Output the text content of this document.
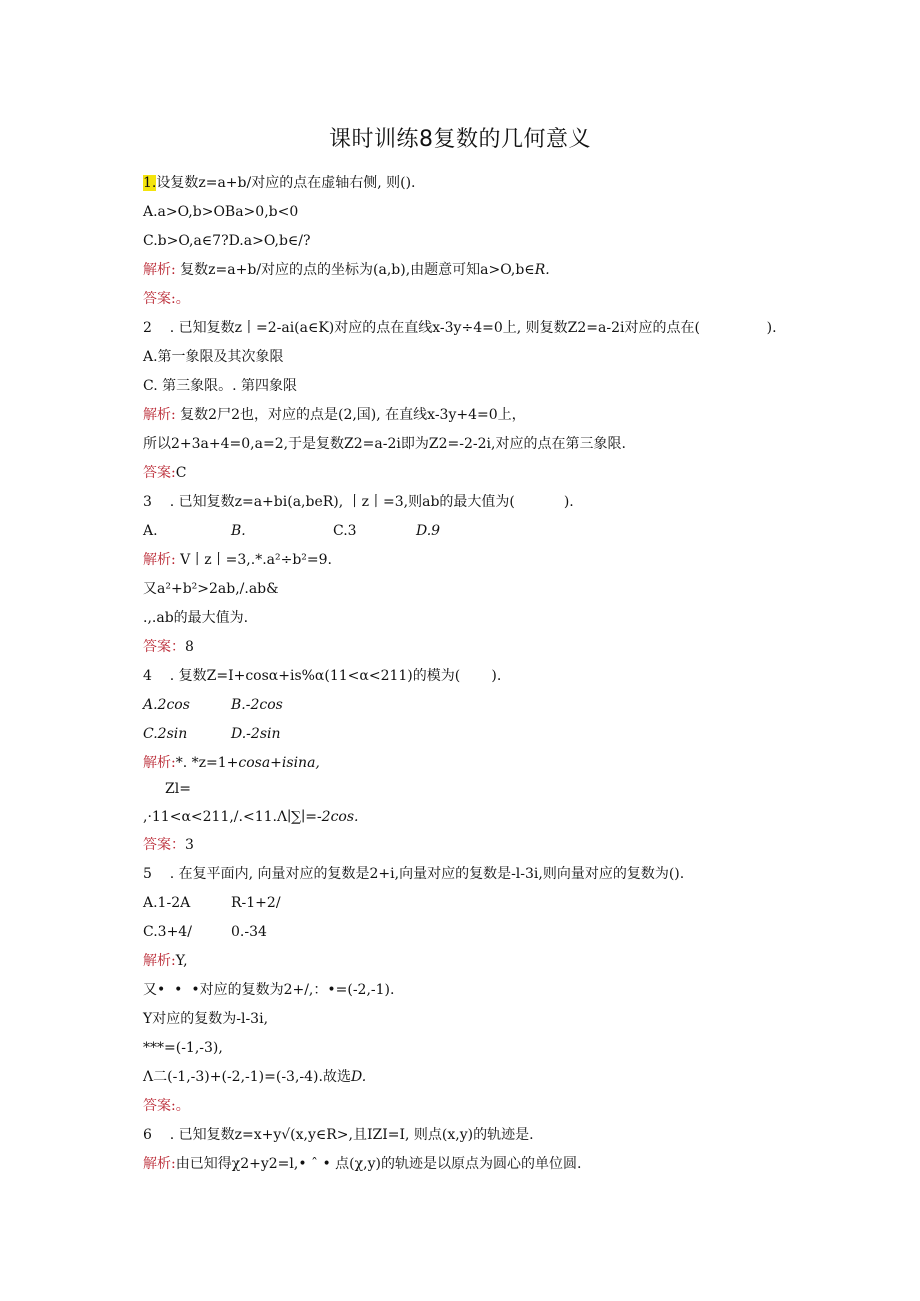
课时训练8复数的几何意义
1.设复数z=a+b/对应的点在虚轴右侧, 则().
A.a>O,b>OBa>0,b<0
C.b>O,a∈7?D.a>O,b∈/?
解析: 复数z=a+b/对应的点的坐标为(a,b),由题意可知a>O,b∈R.
答案:。
2    . 已知复数z丨=2-ai(a∈K)对应的点在直线x-3y÷4=0上, 则复数Z2=a-2i对应的点在(               ).
A.第一象限及其次象限
C. 第三象限。. 第四象限
解析: 复数2尸2也，对应的点是(2,国), 在直线x-3y+4=0上，
所以2+3a+4=0,a=2,于是复数Z2=a-2i即为Z2=-2-2i,对应的点在第三象限.
答案:C
3    . 已知复数z=a+bi(a,beR), 丨z丨=3,则ab的最大值为(           ).
A.	B.	C.3	D.9
解析: V丨z丨=3,.*.a²÷b²=9.
又a²+b²>2ab,/.ab&
.,.ab的最大值为.
答案：8
4    . 复数Z=I+cosα+is%α(11<α<211)的模为(       ).
A.2cos	B.-2cos
C.2sin	D.-2sin
解析:*. *z=1+cosa+isina,
Zl=
,·11<α<211,/.<11.Λ∣∑∣=-2cos.
答案：3
5    . 在复平面内, 向量对应的复数是2+i,向量对应的复数是-l-3i,则向量对应的复数为().
A.1-2A	R-1+2/
C.3+4/	0.-34
解析:Y,
又•  •  •对应的复数为2+/,：•=(-2,-1).
Y对应的复数为-l-3i,
***=(-1,-3),
Λ二(-1,-3)+(-2,-1)=(-3,-4).故选D.
答案:。
6    . 已知复数z=x+y√(x,y∈R>,且IZI=I, 则点(x,y)的轨迹是.
解析:由已知得χ2+y2=l,• ˆ • 点(χ,y)的轨迹是以原点为圆心的单位圆.
